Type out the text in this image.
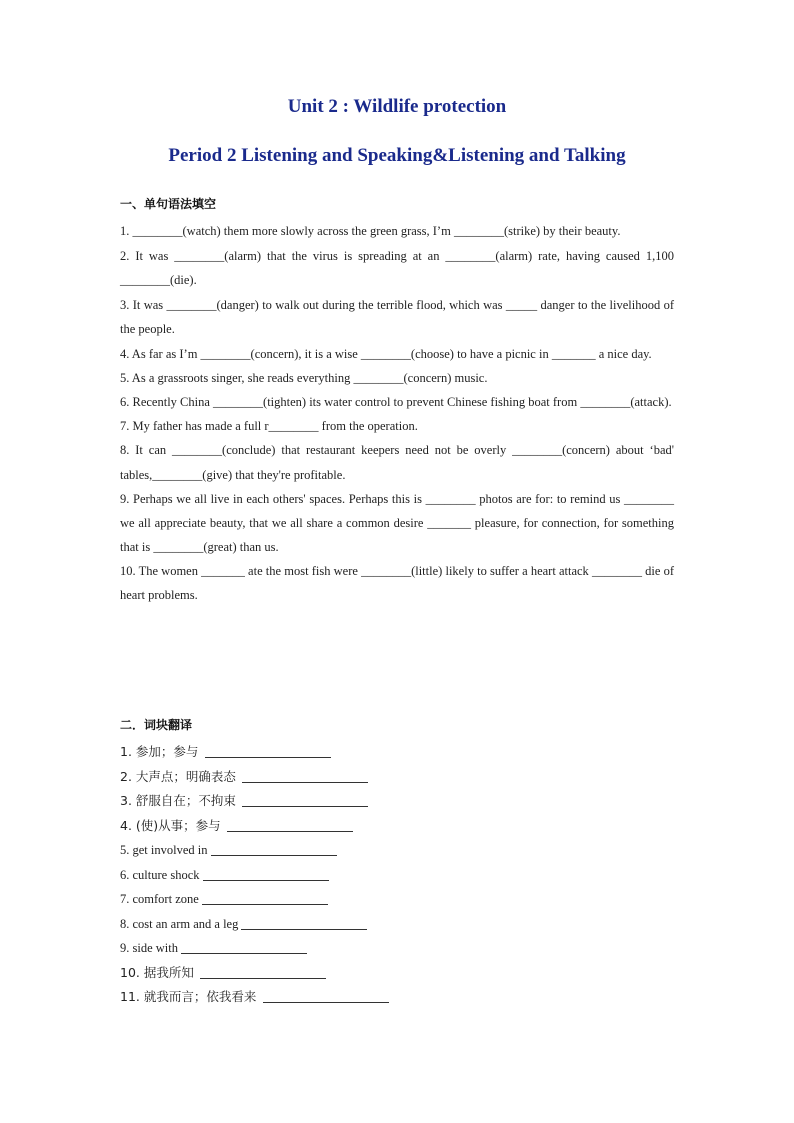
Unit 2 : Wildlife protection
Period 2 Listening and Speaking&Listening and Talking
一、单句语法填空

1. ________(watch) them more slowly across the green grass, I’m ________(strike) by their beauty.

2. It was ________(alarm) that the virus is spreading at an ________(alarm) rate, having caused 1,100 ________(die).

3. It was ________(danger) to walk out during the terrible flood, which was _____ danger to the livelihood of the people.

4. As far as I’m ________(concern), it is a wise ________(choose) to have a picnic in _______ a nice day.

5. As a grassroots singer, she reads everything ________(concern) music.

6. Recently China ________(tighten) its water control to prevent Chinese fishing boat from ________(attack).

7. My father has made a full r________ from the operation.

8. It can ________(conclude) that restaurant keepers need not be overly ________(concern) about ‘bad' tables,________(give) that they're profitable.

9. Perhaps we all live in each others' spaces. Perhaps this is ________ photos are for: to remind us ________ we all appreciate beauty, that we all share a common desire _______ pleasure, for connection, for something that is ________(great) than us.

10. The women _______ ate the most fish were ________(little) likely to suffer a heart attack ________ die of heart problems.

二．词块翻译
1. 参加；参与
2. 大声点；明确表态
3. 舒服自在；不拘束
4. (使)从事；参与
5. get involved in
6. culture shock
7. comfort zone
8. cost an arm and a leg
9. side with
10. 据我所知
11. 就我而言；依我看来
